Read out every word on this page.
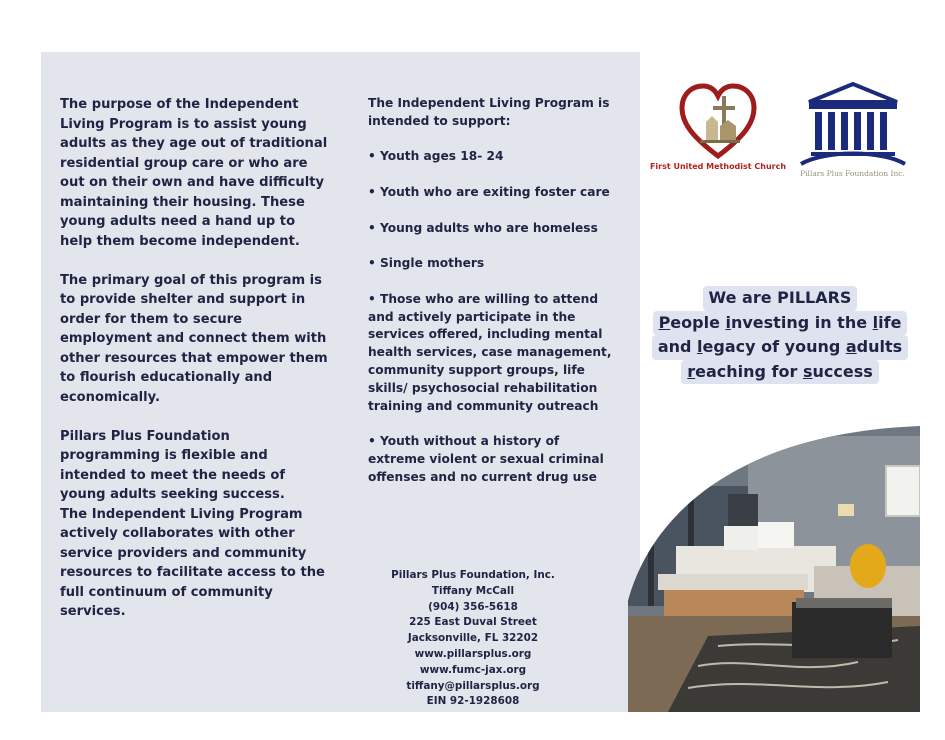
The purpose of the Independent Living Program is to assist young adults as they age out of traditional residential group care or who are out on their own and have difficulty maintaining their housing. These young adults need a hand up to help them become independent.

The primary goal of this program is to provide shelter and support in order for them to secure employment and connect them with other resources that empower them to flourish educationally and economically.

Pillars Plus Foundation programming is flexible and intended to meet the needs of young adults seeking success.

The Independent Living Program actively collaborates with other service providers and community resources to facilitate access to the full continuum of community services.

The Independent Living Program is intended to support:

• Youth ages 18- 24

• Youth who are exiting foster care

• Young adults who are homeless

• Single mothers

• Those who are willing to attend and actively participate in the services offered, including mental health services, case management, community support groups, life skills/ psychosocial rehabilitation training and community outreach

• Youth without a history of extreme violent or sexual criminal offenses and no current drug use

Pillars Plus Foundation, Inc.
Tiffany McCall
(904) 356-5618
225 East Duval Street
Jacksonville, FL 32202
www.pillarsplus.org
www.fumc-jax.org
tiffany@pillarsplus.org
EIN 92-1928608
First United Methodist Church
Pillars Plus Foundation Inc.
We are PILLARS
People investing in the life
and legacy of young adults
reaching for success
